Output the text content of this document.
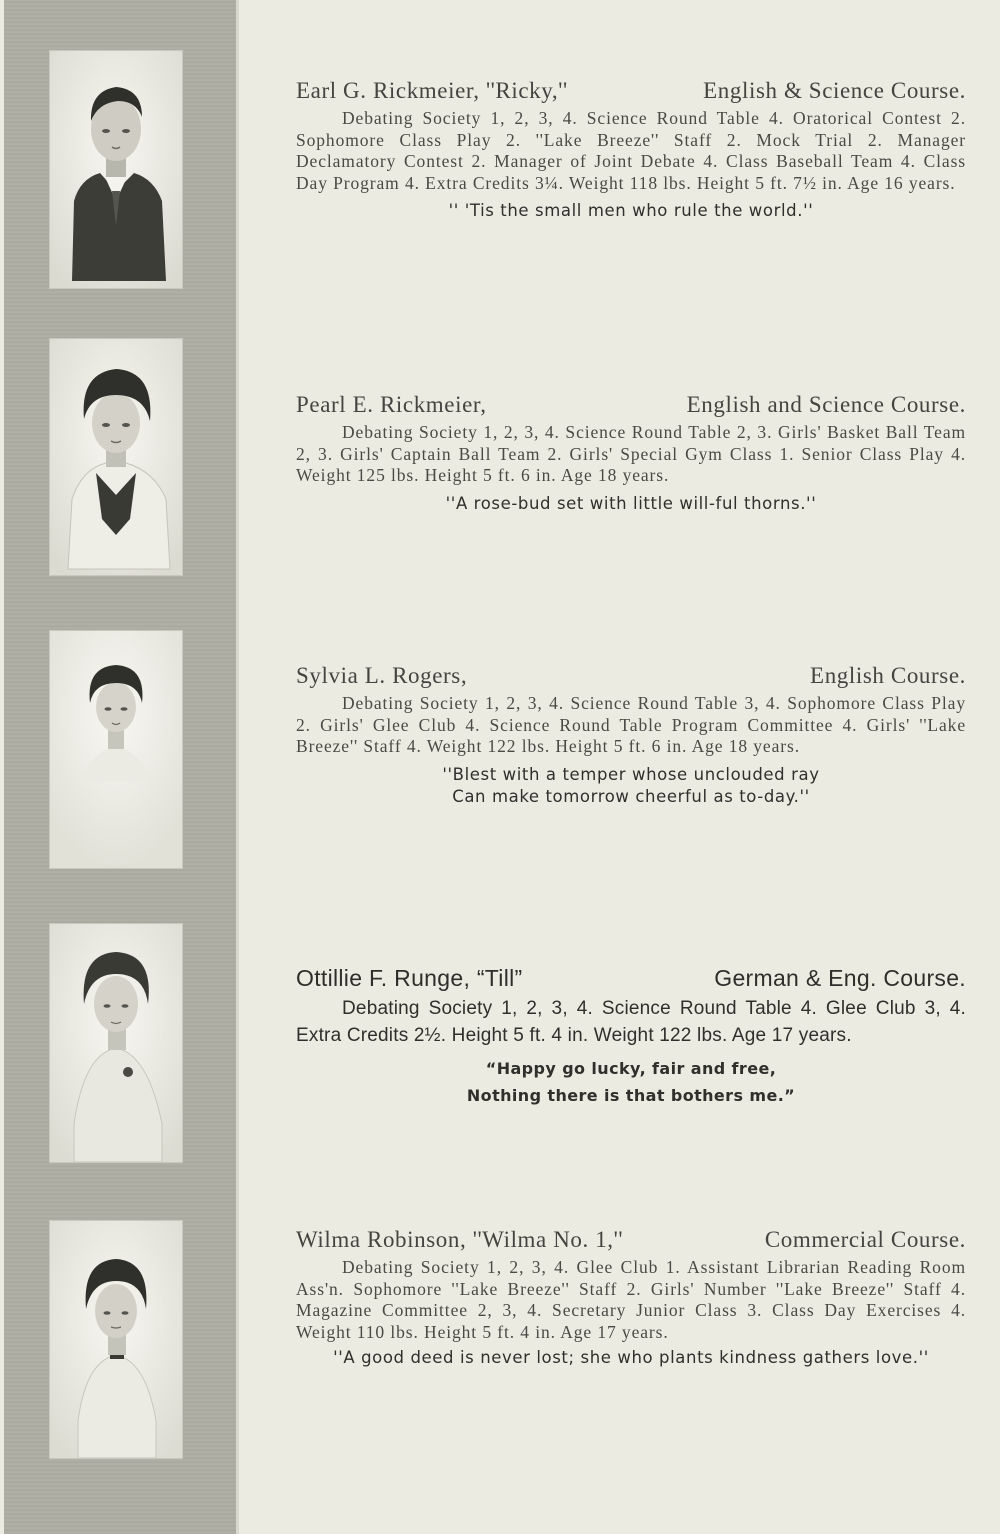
Earl G. Rickmeier, ''Ricky,''	English & Science Course.
Debating Society 1, 2, 3, 4. Science Round Table 4. Oratorical Contest 2. Sophomore Class Play 2. ''Lake Breeze'' Staff 2. Mock Trial 2. Manager Declamatory Contest 2. Manager of Joint Debate 4. Class Baseball Team 4. Class Day Program 4. Extra Credits 3¼. Weight 118 lbs. Height 5 ft. 7½ in. Age 16 years.
'' 'Tis the small men who rule the world.''
Pearl E. Rickmeier,	English and Science Course.
Debating Society 1, 2, 3, 4. Science Round Table 2, 3. Girls' Basket Ball Team 2, 3. Girls' Captain Ball Team 2. Girls' Special Gym Class 1. Senior Class Play 4. Weight 125 lbs. Height 5 ft. 6 in. Age 18 years.
''A rose-bud set with little will-ful thorns.''
Sylvia L. Rogers,	English Course.
Debating Society 1, 2, 3, 4. Science Round Table 3, 4. Sophomore Class Play 2. Girls' Glee Club 4. Science Round Table Program Committee 4. Girls' ''Lake Breeze'' Staff 4. Weight 122 lbs. Height 5 ft. 6 in. Age 18 years.
''Blest with a temper whose unclouded ray
Can make tomorrow cheerful as to-day.''
Ottillie F. Runge, “Till”	German & Eng. Course.
Debating Society 1, 2, 3, 4. Science Round Table 4. Glee Club 3, 4. Extra Credits 2½. Height 5 ft. 4 in. Weight 122 lbs. Age 17 years.
“Happy go lucky, fair and free,
Nothing there is that bothers me.”
Wilma Robinson, ''Wilma No. 1,''	Commercial Course.
Debating Society 1, 2, 3, 4. Glee Club 1. Assistant Librarian Reading Room Ass'n. Sophomore ''Lake Breeze'' Staff 2. Girls' Number ''Lake Breeze'' Staff 4. Magazine Committee 2, 3, 4. Secretary Junior Class 3. Class Day Exercises 4. Weight 110 lbs. Height 5 ft. 4 in. Age 17 years.
''A good deed is never lost; she who plants kindness gathers love.''
